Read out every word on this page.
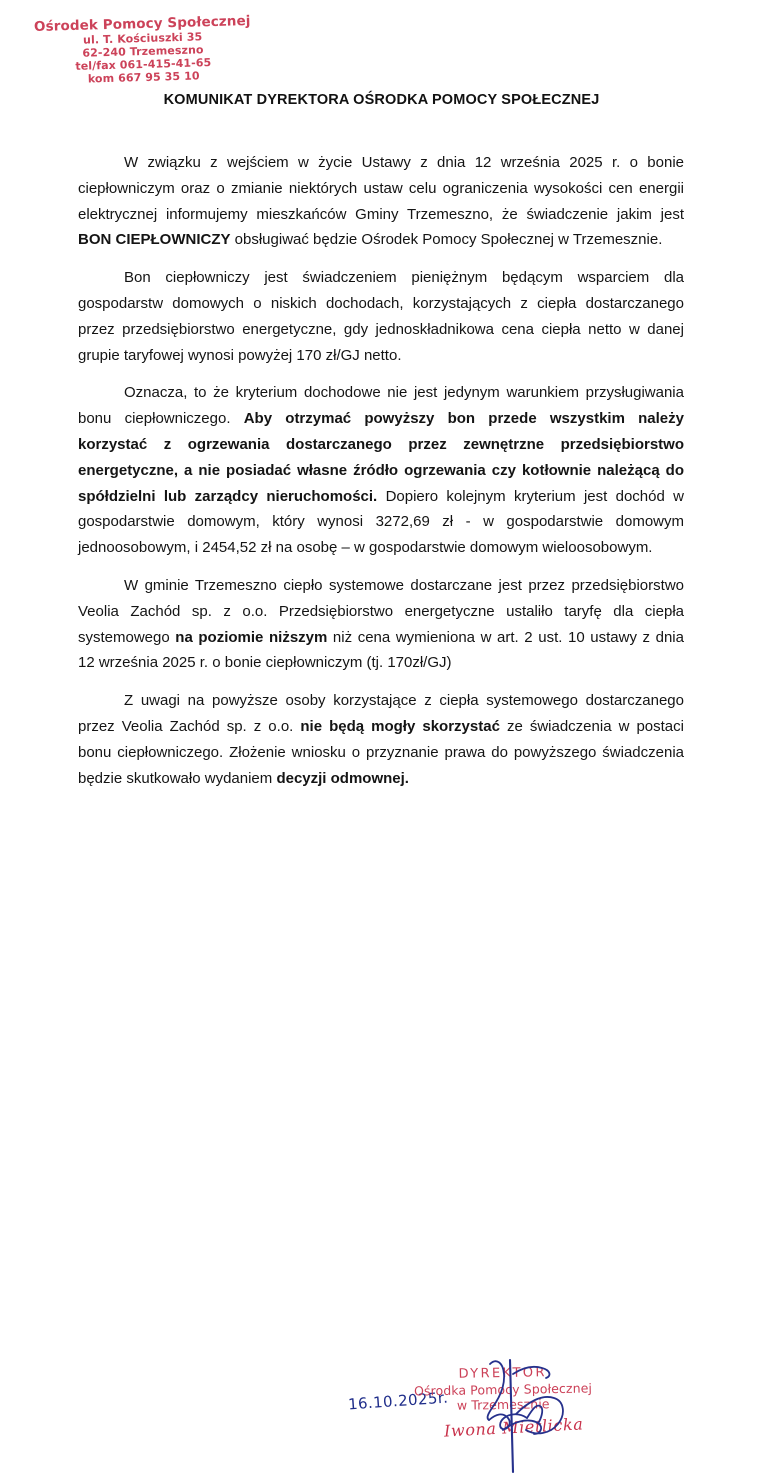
Ośrodek Pomocy Społecznej
ul. T. Kościuszki 35
62-240 Trzemeszno
tel/fax 061-415-41-65
kom 667 95 35 10
KOMUNIKAT DYREKTORA OŚRODKA POMOCY SPOŁECZNEJ

W związku z wejściem w życie Ustawy z dnia 12 września 2025 r. o bonie ciepłowniczym oraz o zmianie niektórych ustaw celu ograniczenia wysokości cen energii elektrycznej informujemy mieszkańców Gminy Trzemeszno, że świadczenie jakim jest BON CIEPŁOWNICZY obsługiwać będzie Ośrodek Pomocy Społecznej w Trzemesznie.

Bon ciepłowniczy jest świadczeniem pieniężnym będącym wsparciem dla gospodarstw domowych o niskich dochodach, korzystających z ciepła dostarczanego przez przedsiębiorstwo energetyczne, gdy jednoskładnikowa cena ciepła netto w danej grupie taryfowej wynosi powyżej 170 zł/GJ netto.

Oznacza, to że kryterium dochodowe nie jest jedynym warunkiem przysługiwania bonu ciepłowniczego. Aby otrzymać powyższy bon przede wszystkim należy korzystać z ogrzewania dostarczanego przez zewnętrzne przedsiębiorstwo energetyczne, a nie posiadać własne źródło ogrzewania czy kotłownie należącą do spółdzielni lub zarządcy nieruchomości. Dopiero kolejnym kryterium jest dochód w gospodarstwie domowym, który wynosi 3272,69 zł - w gospodarstwie domowym jednoosobowym, i 2454,52 zł na osobę – w gospodarstwie domowym wieloosobowym.

W gminie Trzemeszno ciepło systemowe dostarczane jest przez przedsiębiorstwo Veolia Zachód sp. z o.o. Przedsiębiorstwo energetyczne ustaliło taryfę dla ciepła systemowego na poziomie niższym niż cena wymieniona w art. 2 ust. 10 ustawy z dnia 12 września 2025 r. o bonie ciepłowniczym (tj. 170zł/GJ)

Z uwagi na powyższe osoby korzystające z ciepła systemowego dostarczanego przez Veolia Zachód sp. z o.o. nie będą mogły skorzystać ze świadczenia w postaci bonu ciepłowniczego. Złożenie wniosku o przyznanie prawa do powyższego świadczenia będzie skutkowało wydaniem decyzji odmownej.

16.10.2025r.
DYREKTOR
Ośrodka Pomocy Społecznej
w Trzemesznie
Iwona Mietlicka
